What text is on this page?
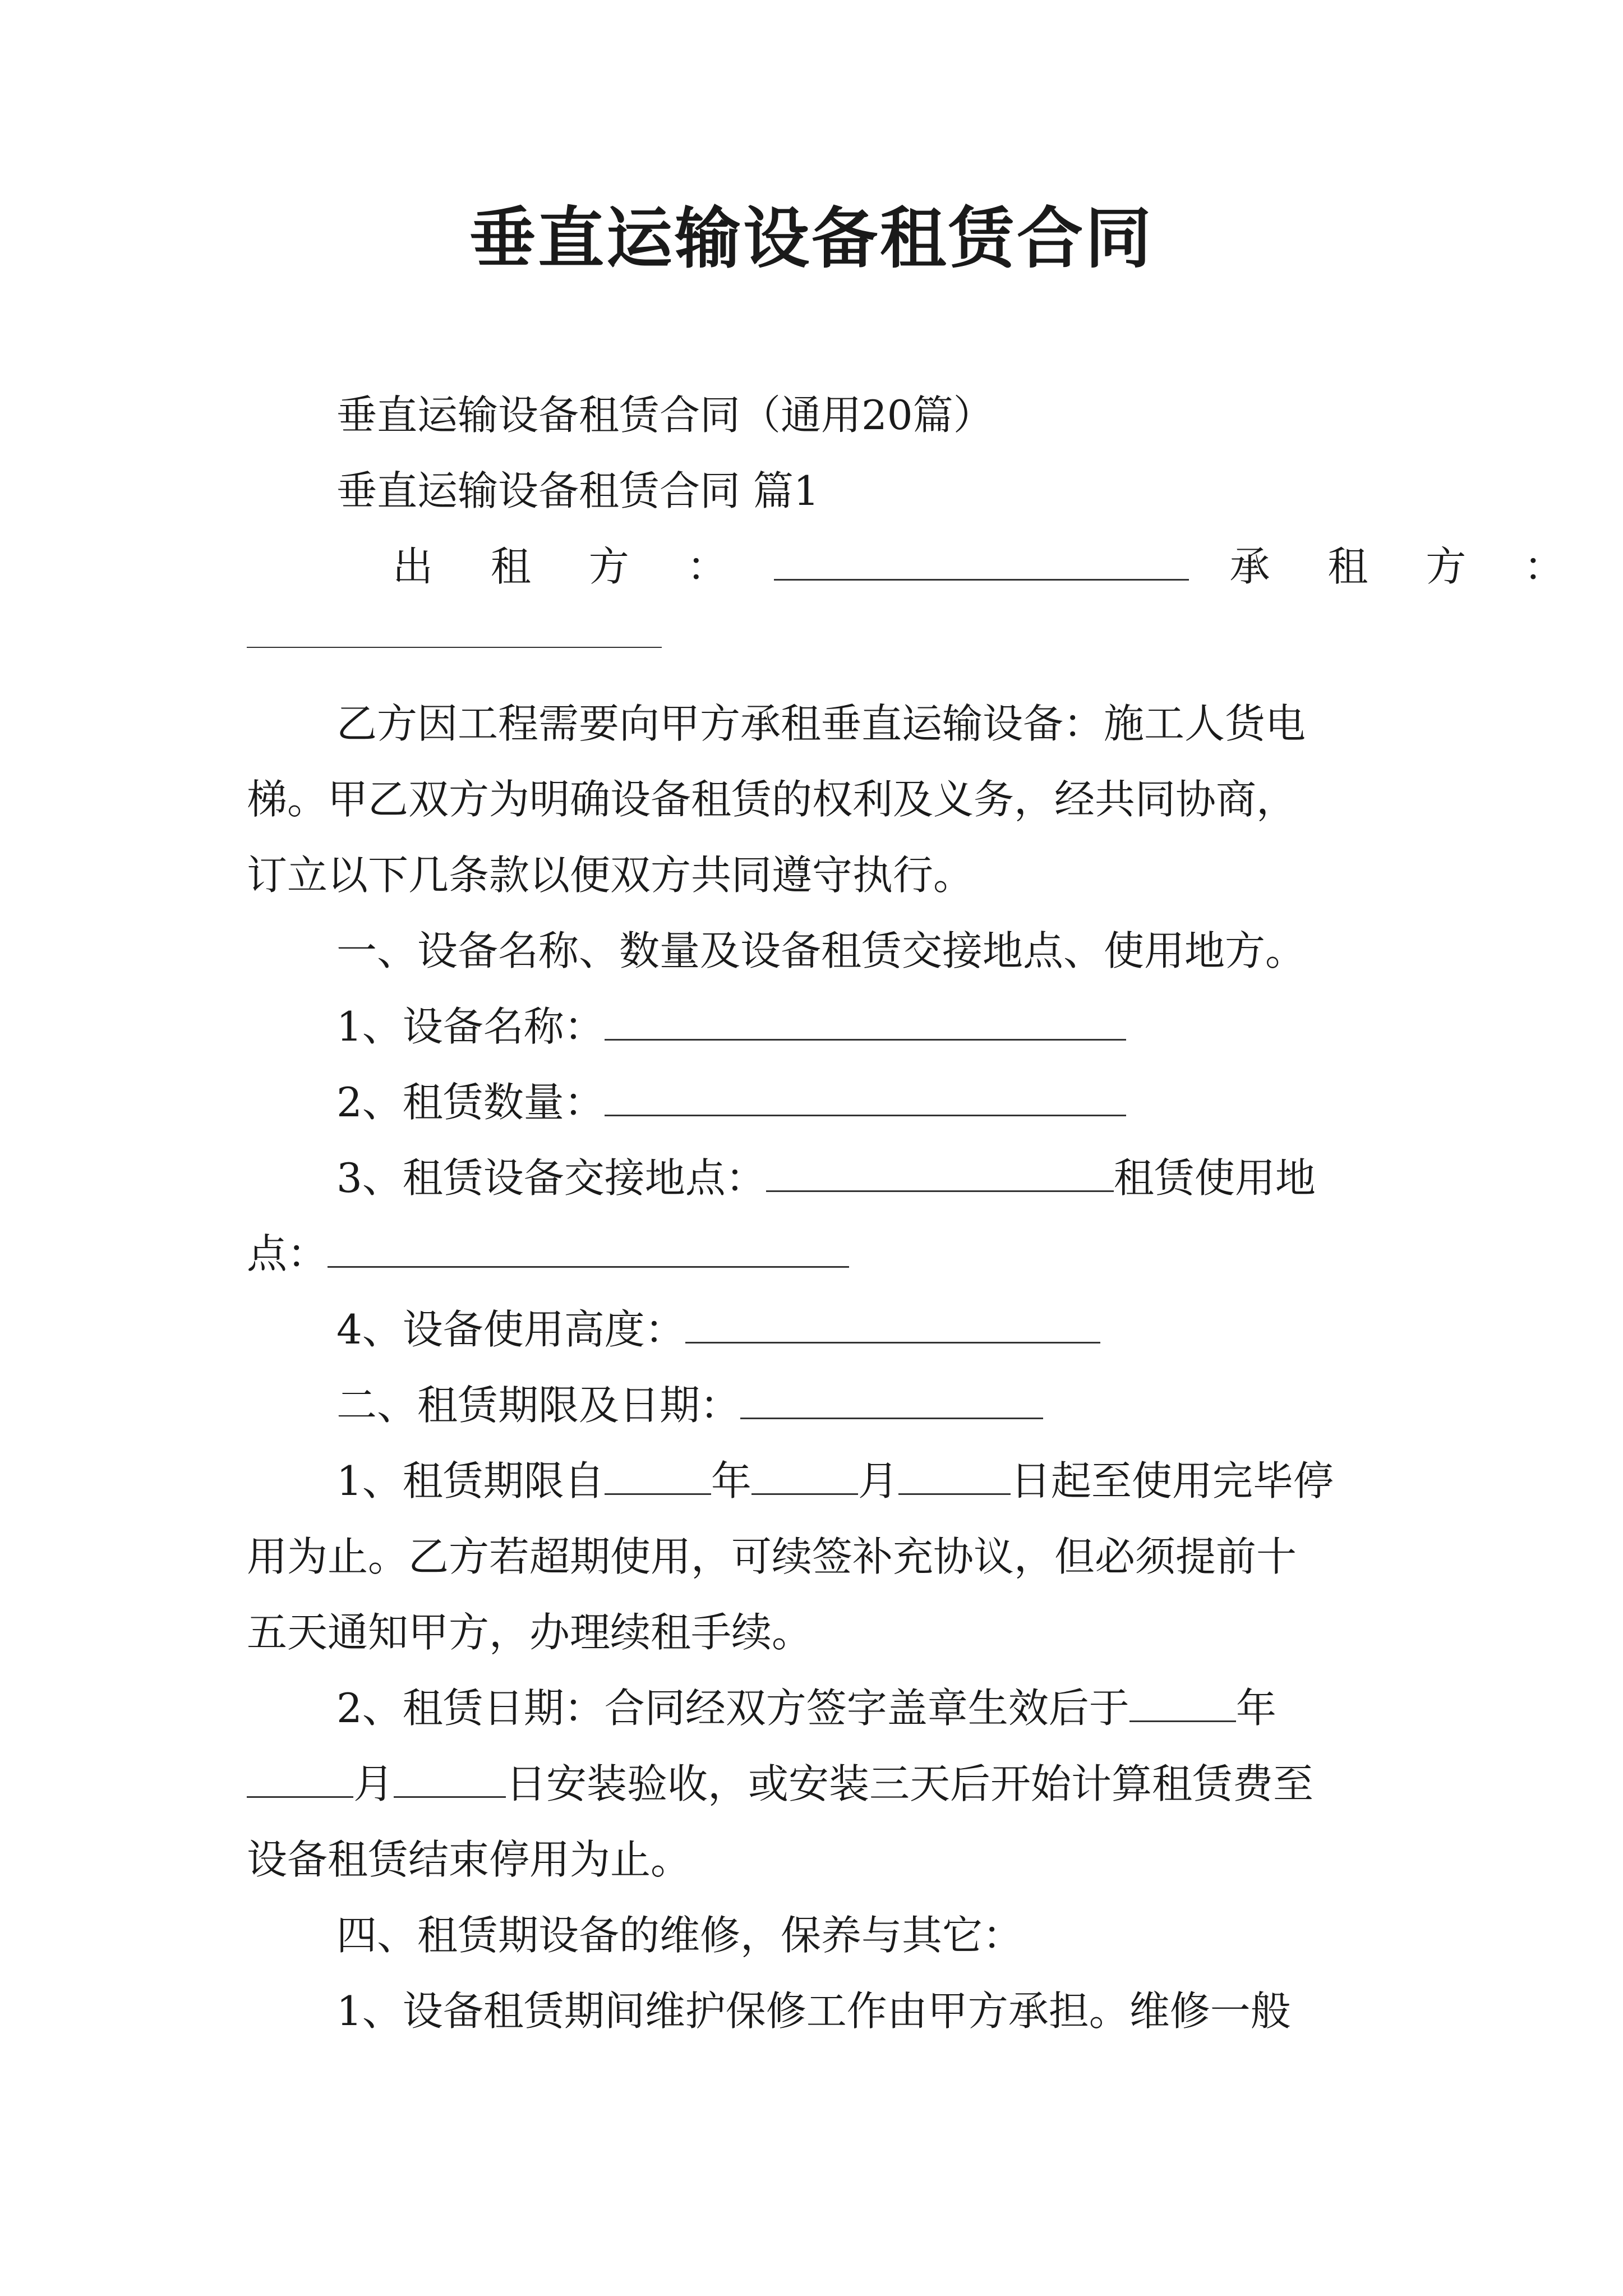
垂直运输设备租赁合同
垂直运输设备租赁合同（通用20篇）
垂直运输设备租赁合同 篇1
出 租 方 ：	承 租 方 ：
乙方因工程需要向甲方承租垂直运输设备：施工人货电
梯。甲乙双方为明确设备租赁的权利及义务，经共同协商，
订立以下几条款以便双方共同遵守执行。
一、设备名称、数量及设备租赁交接地点、使用地方。
1、设备名称：
2、租赁数量：
3、租赁设备交接地点：	租赁使用地
点：
4、设备使用高度：
二、租赁期限及日期：
1、租赁期限自	年	月	日起至使用完毕停
用为止。乙方若超期使用，可续签补充协议，但必须提前十
五天通知甲方，办理续租手续。
2、租赁日期：合同经双方签字盖章生效后于	年
月	日安装验收，或安装三天后开始计算租赁费至
设备租赁结束停用为止。
四、租赁期设备的维修，保养与其它：
1、设备租赁期间维护保修工作由甲方承担。维修一般
